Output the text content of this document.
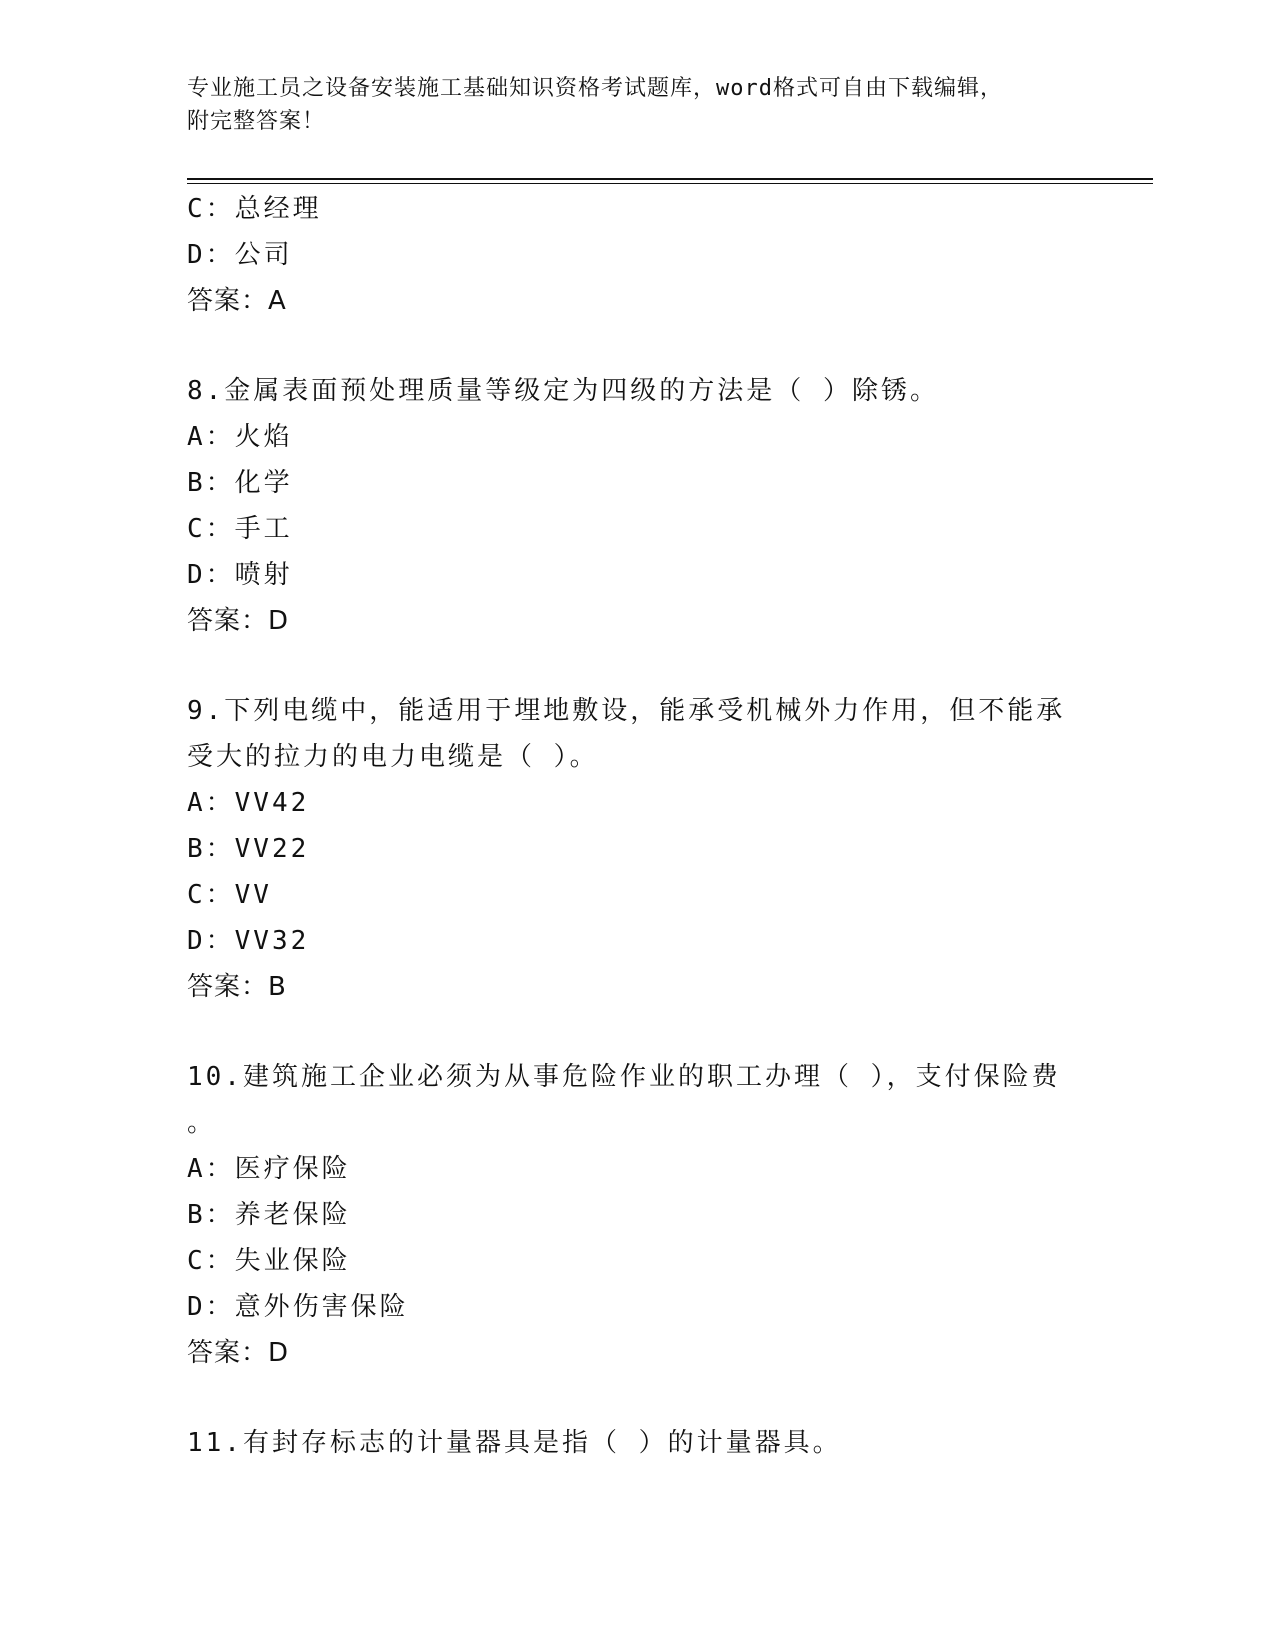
专业施工员之设备安装施工基础知识资格考试题库，word格式可自由下载编辑，
附完整答案！
C：总经理
D：公司
答案：A
8.金属表面预处理质量等级定为四级的方法是（ ）除锈。
A：火焰
B：化学
C：手工
D：喷射
答案：D
9.下列电缆中，能适用于埋地敷设，能承受机械外力作用，但不能承
受大的拉力的电力电缆是（ ）。
A：VV42
B：VV22
C：VV
D：VV32
答案：B
10.建筑施工企业必须为从事危险作业的职工办理（ ），支付保险费
。
A：医疗保险
B：养老保险
C：失业保险
D：意外伤害保险
答案：D
11.有封存标志的计量器具是指（ ）的计量器具。
